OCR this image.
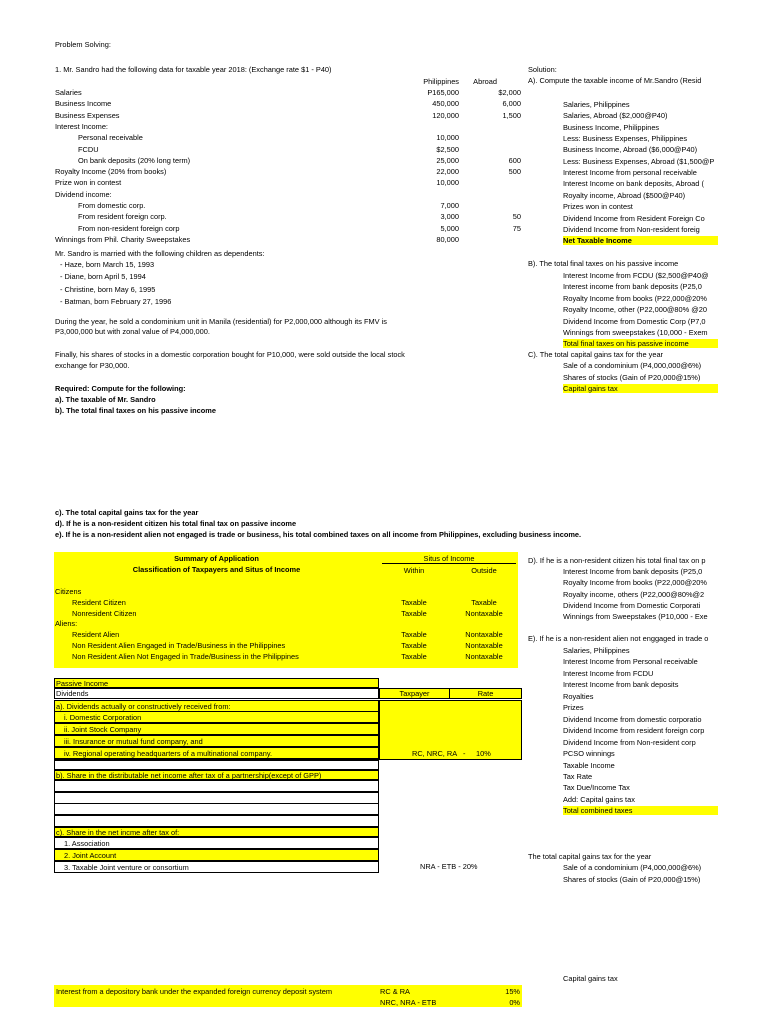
Problem Solving:
1. Mr. Sandro had the following data for taxable year 2018: (Exchange rate $1 - P40)
Philippines	Abroad
Salaries	P165,000	$2,000
Business Income	450,000	6,000
Business Expenses	120,000	1,500
Interest Income:
Personal receivable	10,000
FCDU	$2,500
On bank deposits (20% long term)	25,000	600
Royalty Income (20% from books)	22,000	500
Prize won in contest	10,000
Dividend income:
From domestic corp.	7,000
From resident foreign corp.	3,000	50
From non-resident foreign corp	5,000	75
Winnings from Phil. Charity Sweepstakes	80,000
Mr. Sandro is married with the following children as dependents:
- Haze, born March 15, 1993
- Diane, born April 5, 1994
- Christine, born May 6, 1995
- Batman, born February 27, 1996
During the year, he sold a condominium unit in Manila (residential) for P2,000,000 although its FMV is
P3,000,000 but with zonal value of P4,000,000.
Finally, his shares of stocks in a domestic corporation bought for P10,000, were sold outside the local stock
exchange for P30,000.
Required: Compute for the following:
a). The taxable of Mr. Sandro
b). The total final taxes on his passive income
c). The total capital gains tax for the year
d). If he is a non-resident citizen his total final tax on passive income
e). If he is a non-resident alien not engaged is trade or business, his total combined taxes on all income from Philippines, excluding business income.
Summary of Application
Classification of Taxpayers and Situs of Income
Situs of Income
Within	Outside
Citizens
Resident Citizen	Taxable	Taxable
Nonresident Citizen	Taxable	Nontaxable
Aliens:
Resident Alien	Taxable	Nontaxable
Non Resident Alien Engaged in Trade/Business in the Philippines	Taxable	Nontaxable
Non Resident Alien Not Engaged in Trade/Business in the Philippines	Taxable	Nontaxable
Passive Income
Dividends	Taxpayer	Rate
a). Dividends actually or constructively received from:
i. Domestic Corporation
ii. Joint Stock Company
iii. Insurance or mutual fund company, and
iv. Regional operating headquarters of a multinational company.	RC, NRC, RA - 10%
b). Share in the distributable net income after tax of a partnership(except of GPP)
c). Share in the net incme after tax of:
1. Association
2. Joint Account
3. Taxable Joint venture or consortium	NRA - ETB - 20%
Interest from a depository bank under the expanded foreign currency deposit system	RC & RA	15%
NRC, NRA - ETB	0%
Solution:
A). Compute the taxable income of Mr.Sandro (Resid
Salaries, Philippines
Salaries, Abroad ($2,000@P40)
Business Income, Philippines
Less: Business Expenses, Philippines
Business Income, Abroad ($6,000@P40)
Less: Business Expenses, Abroad ($1,500@P
Interest Income from personal receivable
Interest Income on bank deposits, Abroad (
Royalty income, Abroad ($500@P40)
Prizes won in contest
Dividend Income from Resident Foreign Co
Dividend Income from Non-resident foreig
Net Taxable Income
B). The total final taxes on his passive income
Interest Income from FCDU ($2,500@P40@
Interest income from bank deposits (P25,0
Royalty Income from books (P22,000@20%
Royalty Income, other (P22,000@80% @20
Dividend Income from Domestic Corp (P7,0
Winnings from sweepstakes (10,000 - Exem
Total final taxes on his passive income
C). The total capital gains tax for the year
Sale of a condominium (P4,000,000@6%)
Shares of stocks (Gain of P20,000@15%)
Capital gains tax
D). If he is a non-resident citizen his total final tax on p
Interest Income from bank deposits (P25,0
Royalty Income from books (P22,000@20%
Royalty income, others (P22,000@80%@2
Dividend Income from Domestic Corporati
Winnings from Sweepstakes (P10,000 - Exe
E). If he is a non-resident alien not enggaged in trade o
Salaries, Philippines
Interest Income from Personal receivable
Interest Income from FCDU
Interest Income from bank deposits
Royalties
Prizes
Dividend Income from domestic corporatio
Dividend Income from resident foreign corp
Dividend Income from Non-resident corp
PCSO winnings
Taxable Income
Tax Rate
Tax Due/Income Tax
Add: Capital gains tax
Total combined taxes
The total capital gains tax for the year
Sale of a condominium (P4,000,000@6%)
Shares of stocks (Gain of P20,000@15%)
Capital gains tax
